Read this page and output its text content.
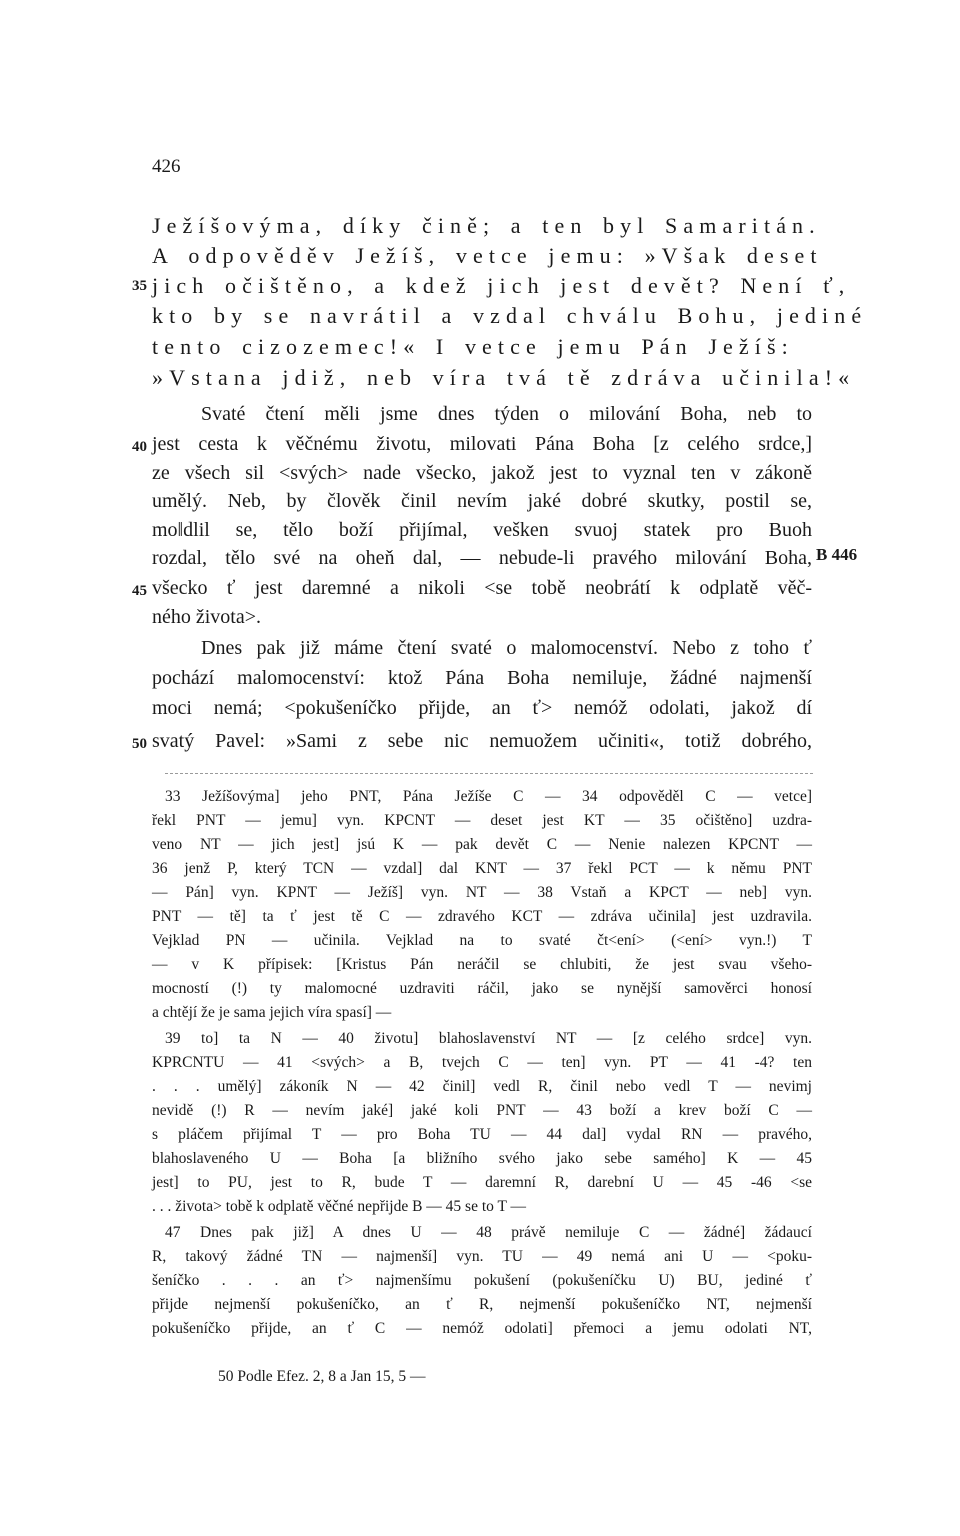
426
Ježíšovýma, díky čině; a ten byl Samaritán.
A odpověděv Ježíš, vetce jemu: »Však deset
35 jich očištěno, a kdež jich jest devět? Není ť,
kto by se navrátil a vzdal chválu Bohu, jediné
tento cizozemec!« I vetce jemu Pán Ježíš:
»Vstana jdiž, neb víra tvá tě zdráva učinila!«
Svaté čtení měli jsme dnes týden o milování Boha, neb to
40 jest cesta k věčnému životu, milovati Pána Boha [z celého srdce,]
ze všech sil <svých> nade všecko, jakož jest to vyznal ten v zákoně
umělý. Neb, by člověk činil nevím jaké dobré skutky, postil se,
mo‖dlil se, tělo boží přijímal, vešken svuoj statek pro Buoh
B 446
rozdal, tělo své na oheň dal, — nebude-li pravého milování Boha,
45 všecko ť jest daremné a nikoli <se tobě neobrátí k odplatě věč-
ného života>.
Dnes pak již máme čtení svaté o malomocenství. Nebo z toho ť
pochází malomocenství: ktož Pána Boha nemiluje, žádné najmenší
moci nemá; <pokušeníčko přijde, an ť> nemóž odolati, jakož dí
50 svatý Pavel: »Sami z sebe nic nemuožem učiniti«, totiž dobrého,
33 Ježíšovýma] jeho PNT, Pána Ježíše C — 34 odpověděl C — vetce]
řekl PNT — jemu] vyn. KPCNT — deset jest KT — 35 očištěno] uzdra-
veno NT — jich jest] jsú K — pak devět C — Nenie nalezen KPCNT —
36 jenž P, který TCN — vzdal] dal KNT — 37 řekl PCT — k němu PNT
— Pán] vyn. KPNT — Ježíš] vyn. NT — 38 Vstaň a KPCT — neb] vyn.
PNT — tě] ta ť jest tě C — zdravého KCT — zdráva učinila] jest uzdravila.
Vejklad PN — učinila. Vejklad na to svaté čt<ení> (<ení> vyn.!) T
— v K přípisek: [Kristus Pán neráčil se chlubiti, že jest svau všeho-
mocností (!) ty malomocné uzdraviti ráčil, jako se nynější samověrci honosí
a chtějí že je sama jejich víra spasí] —
39 to] ta N — 40 životu] blahoslavenství NT — [z celého srdce] vyn.
KPRCNTU — 41 <svých> a B, tvejch C — ten] vyn. PT — 41 -4? ten
. . . umělý] zákoník N — 42 činil] vedl R, činil nebo vedl T — nevimj
nevidě (!) R — nevím jaké] jaké koli PNT — 43 boží a krev boží C —
s pláčem přijímal T — pro Boha TU — 44 dal] vydal RN — pravého,
blahoslaveného U — Boha [a bližního svého jako sebe samého] K — 45
jest] to PU, jest to R, bude T — daremní R, darební U — 45 -46 <se
. . . života> tobě k odplatě věčné nepřijde B — 45 se to T —
47 Dnes pak již] A dnes U — 48 právě nemiluje C — žádné] žádaucí
R, takový žádné TN — najmenší] vyn. TU — 49 nemá ani U — <poku-
šeníčko . . . an ť> najmenšímu pokušení (pokušeníčku U) BU, jediné ť
přijde nejmenší pokušeníčko, an ť R, nejmenší pokušeníčko NT, nejmenší
pokušeníčko přijde, an ť C — nemóž odolati] přemoci a jemu odolati NT,
50 Podle Efez. 2, 8 a Jan 15, 5 —
